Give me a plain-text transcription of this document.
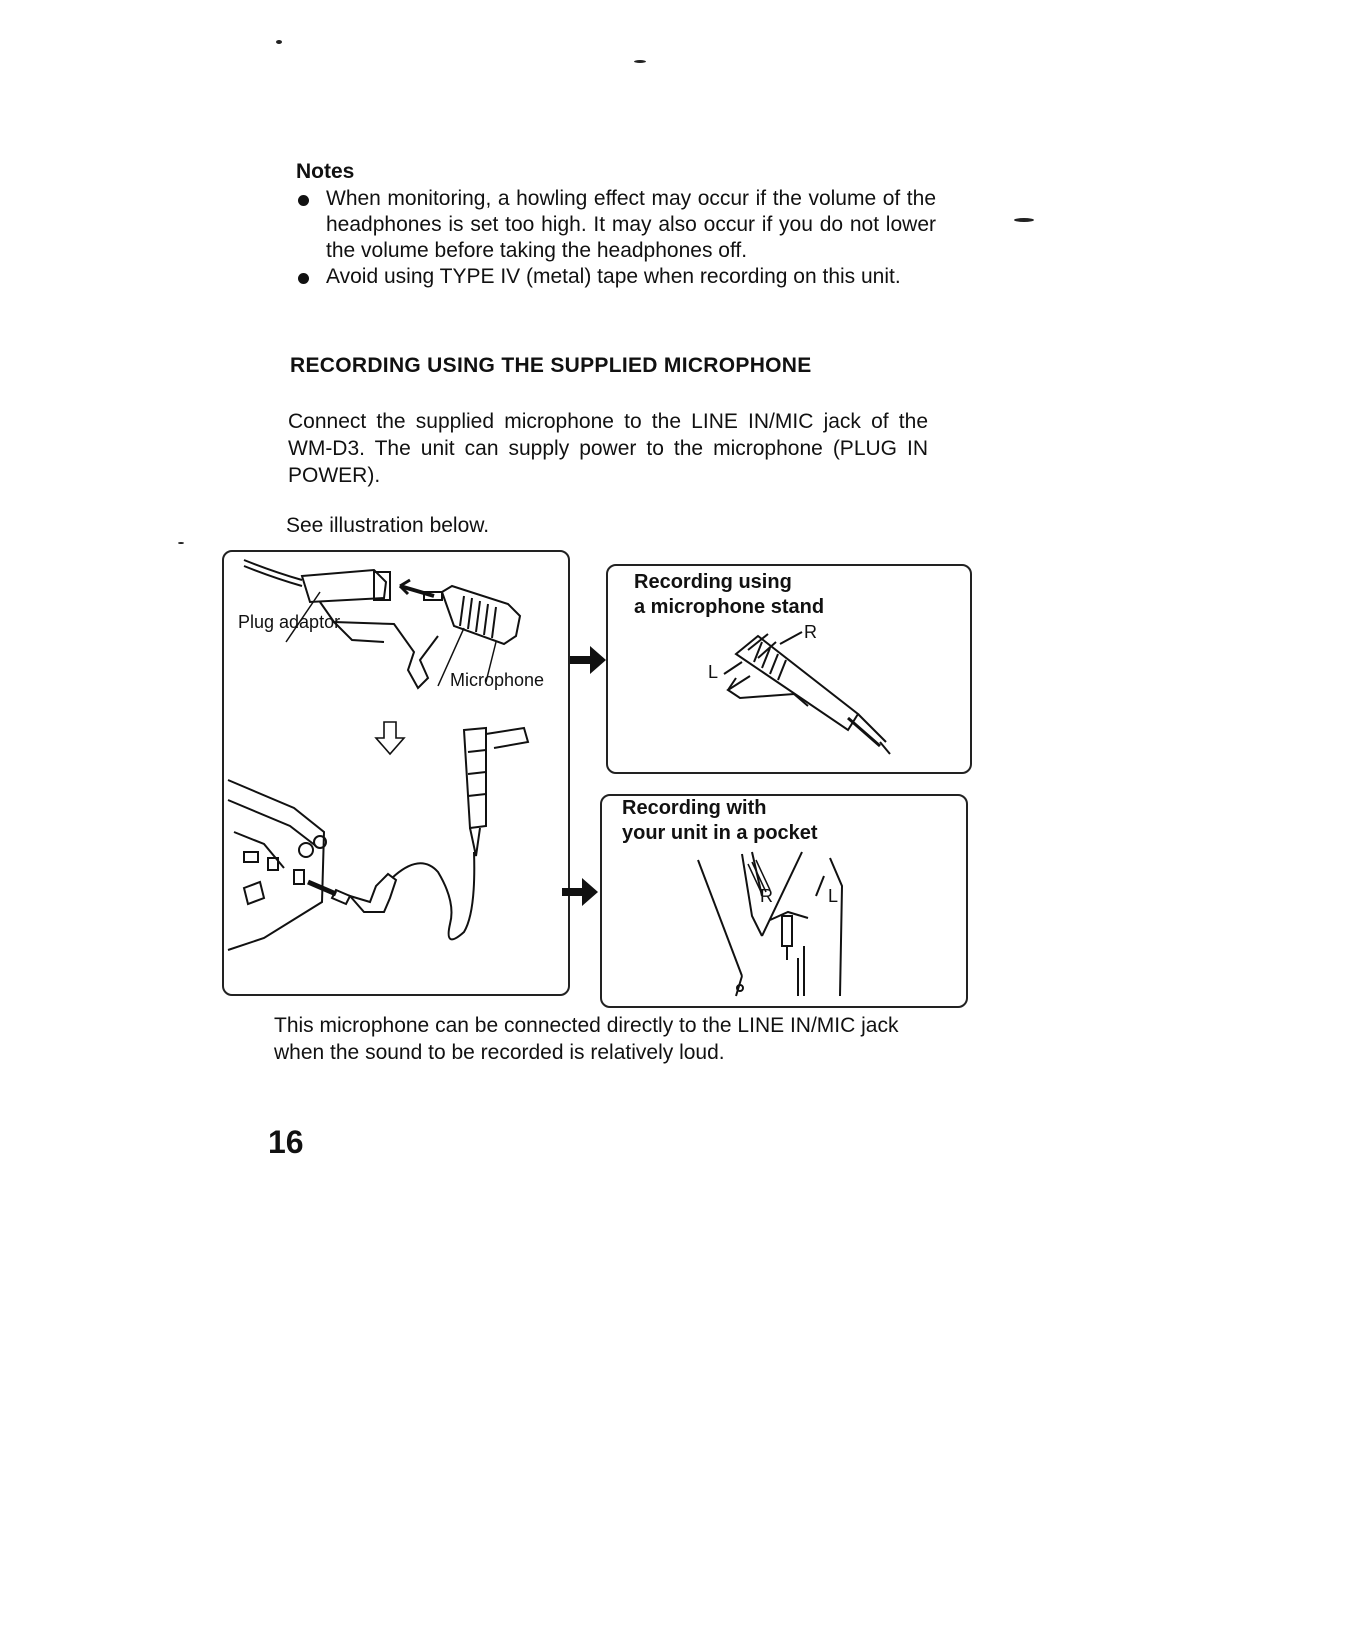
Notes
When monitoring, a howling effect may occur if the volume of the headphones is set too high. It may also occur if you do not lower the volume before taking the headphones off.
Avoid using TYPE IV (metal) tape when recording on this unit.
RECORDING USING THE SUPPLIED MICROPHONE
Connect the supplied microphone to the LINE IN/MIC jack of the WM-D3. The unit can supply power to the microphone (PLUG IN POWER).
See illustration below.
Plug adaptor
Microphone
Recording using
a microphone stand
R
L
Recording with
your unit in a pocket
R	L
This microphone can be connected directly to the LINE IN/MIC jack when the sound to be recorded is relatively loud.
16
